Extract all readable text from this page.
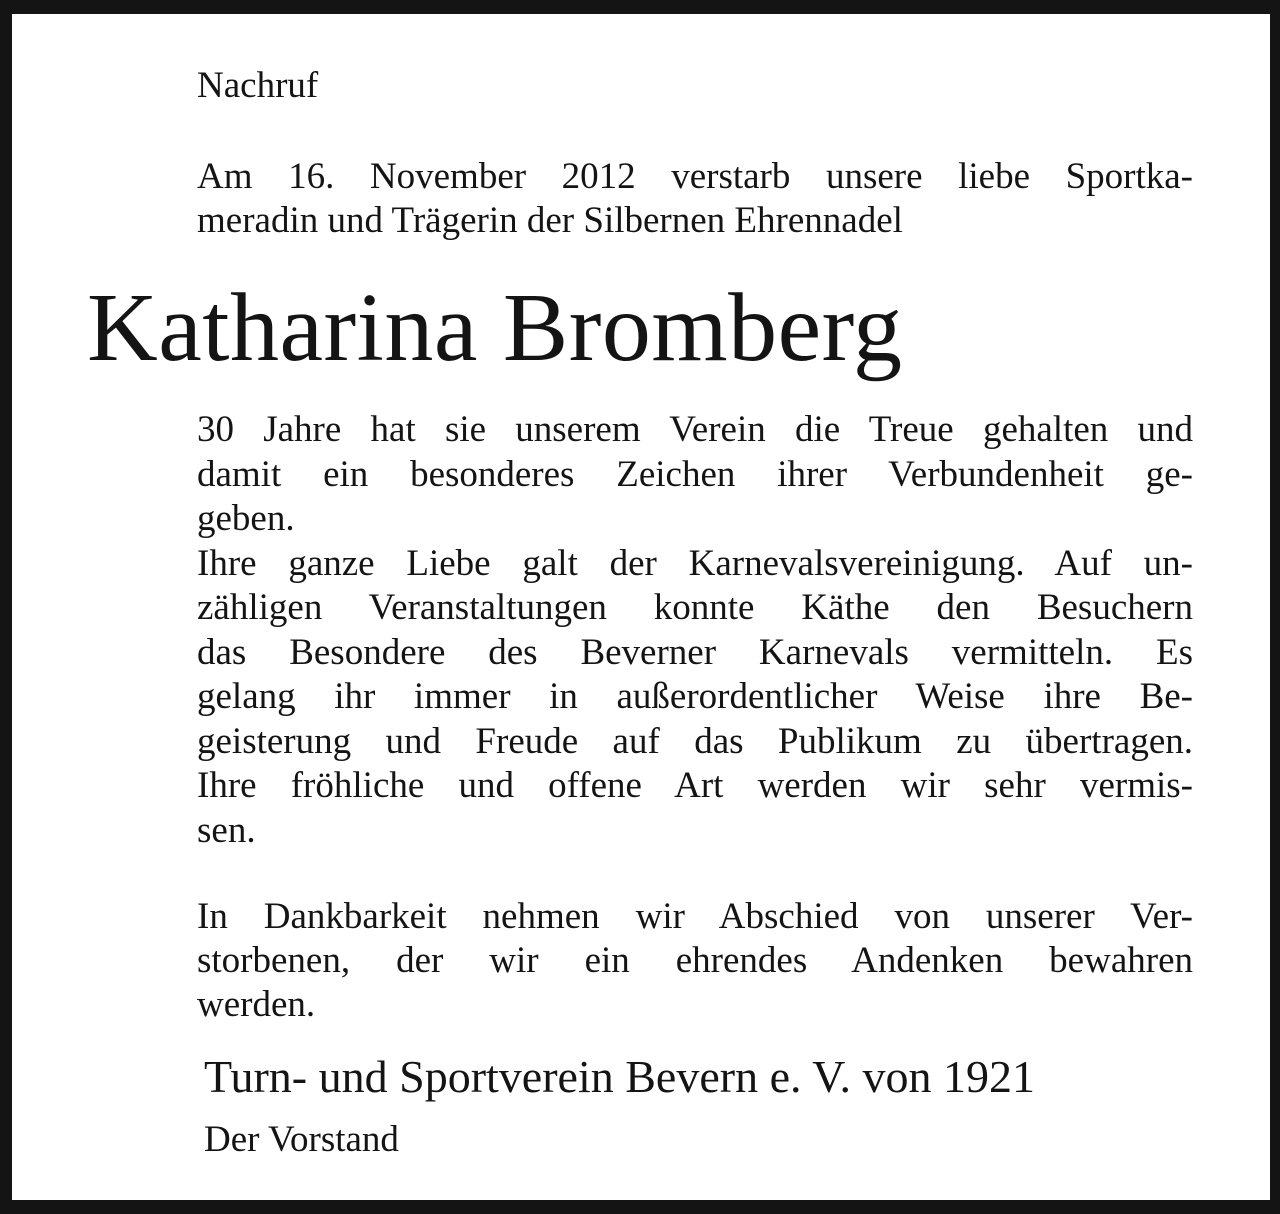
Nachruf
Am 16. November 2012 verstarb unsere liebe Sportka-
meradin und Trägerin der Silbernen Ehrennadel
Katharina Bromberg
30 Jahre hat sie unserem Verein die Treue gehalten und
damit ein besonderes Zeichen ihrer Verbundenheit ge-
geben.
Ihre ganze Liebe galt der Karnevalsvereinigung. Auf un-
zähligen Veranstaltungen konnte Käthe den Besuchern
das Besondere des Beverner Karnevals vermitteln. Es
gelang ihr immer in außerordentlicher Weise ihre Be-
geisterung und Freude auf das Publikum zu übertragen.
Ihre fröhliche und offene Art werden wir sehr vermis-
sen.
In Dankbarkeit nehmen wir Abschied von unserer Ver-
storbenen, der wir ein ehrendes Andenken bewahren
werden.
Turn- und Sportverein Bevern e. V. von 1921
Der Vorstand
